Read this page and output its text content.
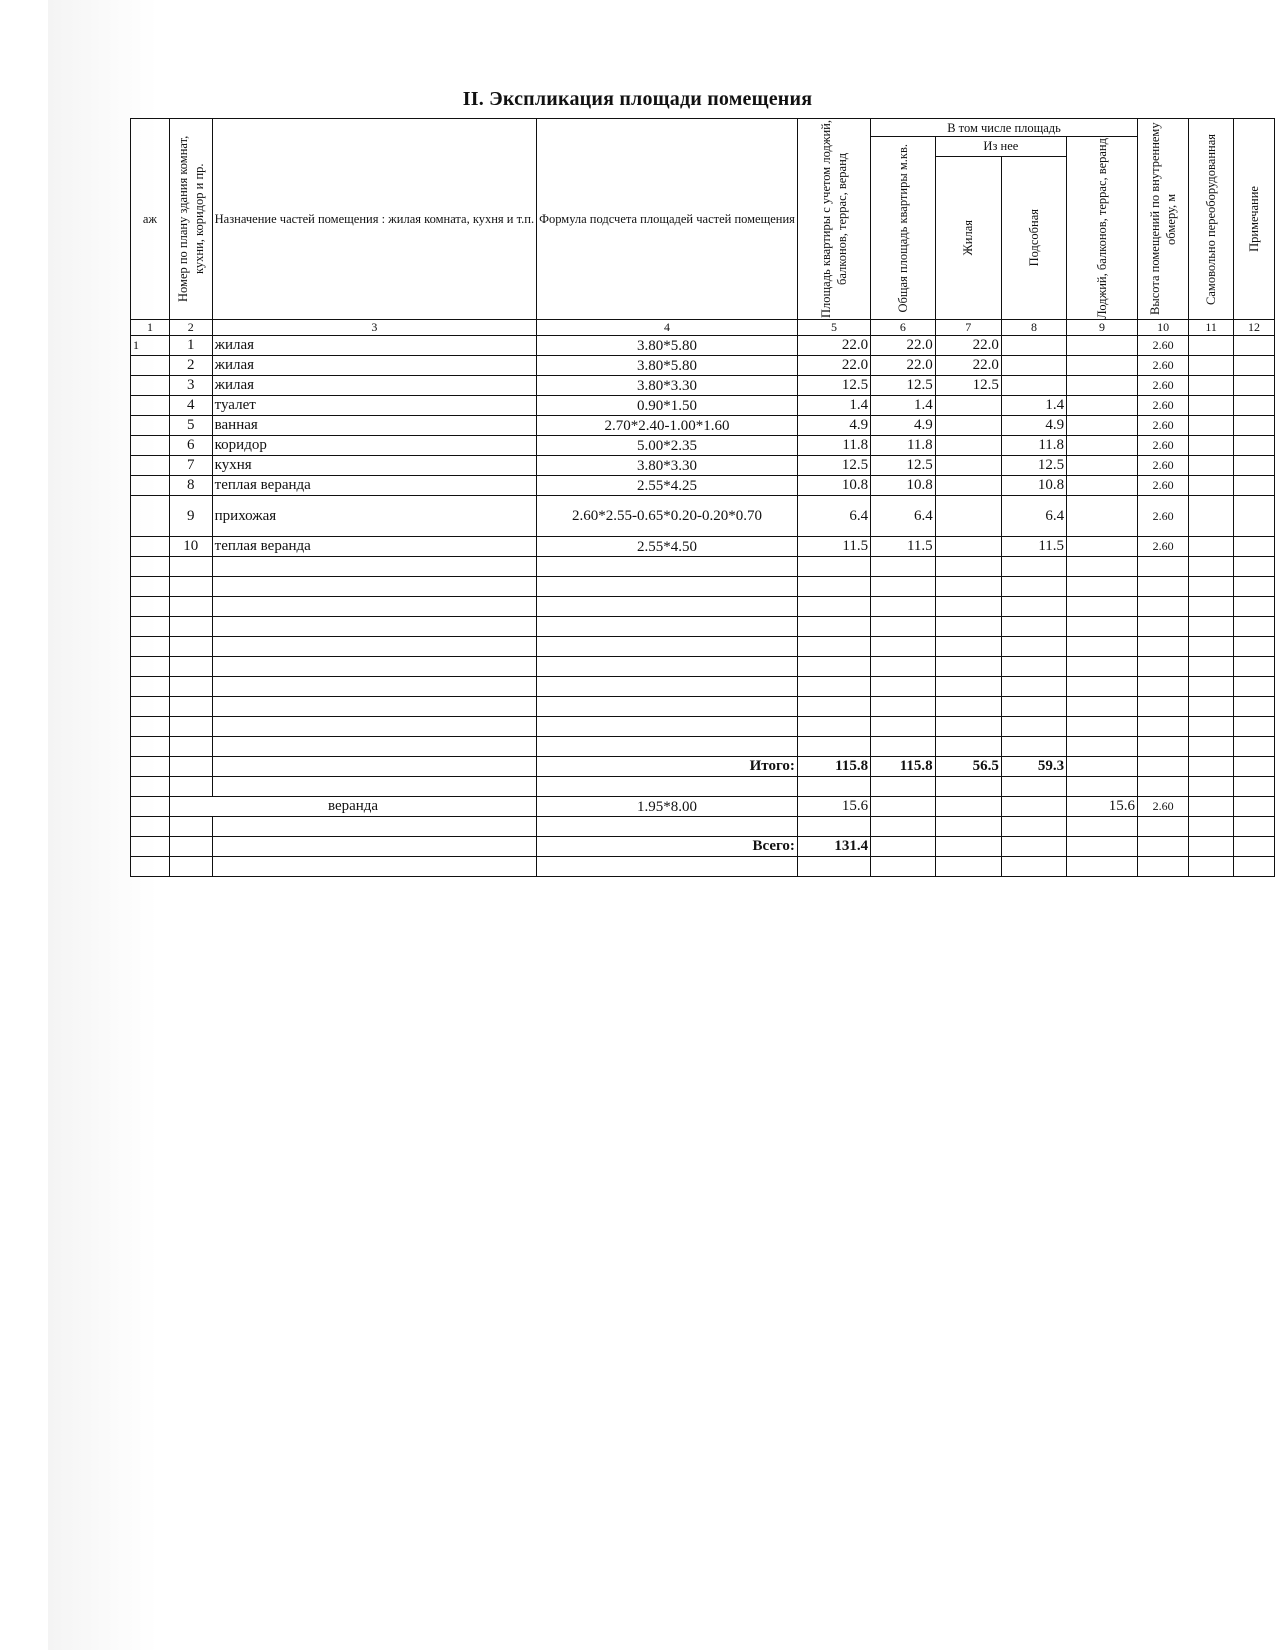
II. Экспликация площади помещения
аж	Номер по плану здания комнат, кухни, коридор и пр.	Назначение частей помещения : жилая комната, кухня и т.п.	Формула подсчета площадей частей помещения	Площадь квартиры с учетом лоджий, балконов, террас, веранд	В том числе площадь				Высота помещений по внутреннему обмеру, м	Самовольно переоборудованная	Примечание

					Общая площадь квартиры м.кв.	Из нее		Лоджий, балконов, террас, веранд			

						Жилая	Подсобная				

1	2	3	4	5	6	7	8	9	10	11	12
1	1	жилая	3.80*5.80	22.0	22.0	22.0			2.60		
	2	жилая	3.80*5.80	22.0	22.0	22.0			2.60		
	3	жилая	3.80*3.30	12.5	12.5	12.5			2.60		
	4	туалет	0.90*1.50	1.4	1.4		1.4		2.60		
	5	ванная	2.70*2.40-1.00*1.60	4.9	4.9		4.9		2.60		
	6	коридор	5.00*2.35	11.8	11.8		11.8		2.60		
	7	кухня	3.80*3.30	12.5	12.5		12.5		2.60		
	8	теплая веранда	2.55*4.25	10.8	10.8		10.8		2.60		
	9	прихожая	2.60*2.55-0.65*0.20-0.20*0.70	6.4	6.4		6.4		2.60		
	10	теплая веранда	2.55*4.50	11.5	11.5		11.5		2.60		

			Итого:	115.8	115.8	56.5	59.3				

	веранда		1.95*8.00	15.6				15.6	2.60		

			Всего:	131.4							
